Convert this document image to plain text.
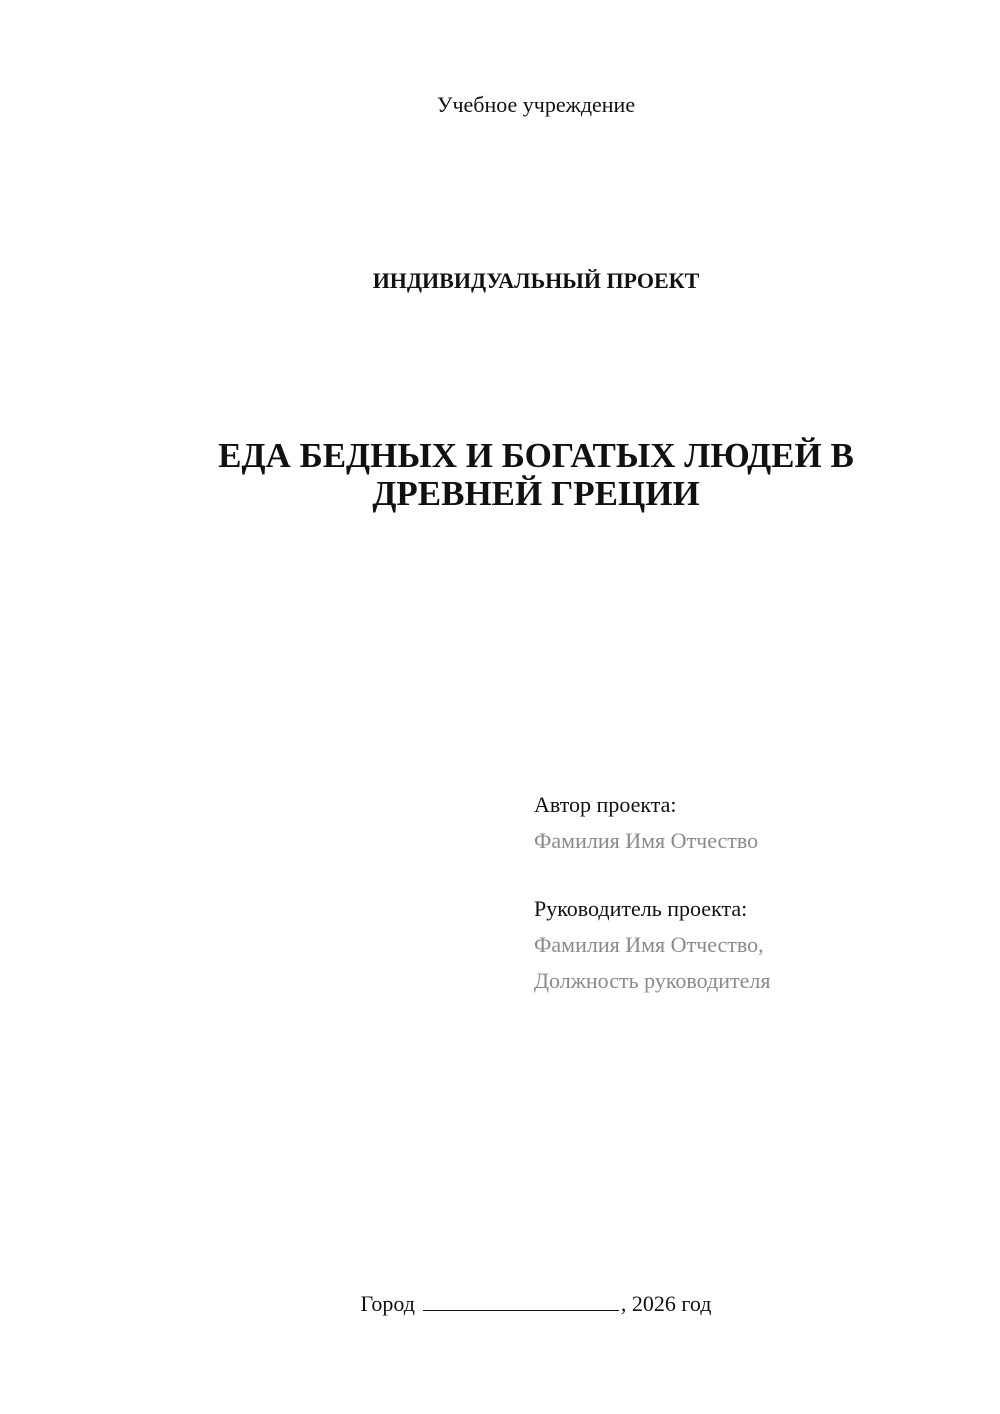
Учебное учреждение
ИНДИВИДУАЛЬНЫЙ ПРОЕКТ
ЕДА БЕДНЫХ И БОГАТЫХ ЛЮДЕЙ В
ДРЕВНЕЙ ГРЕЦИИ
Автор проекта:
Фамилия Имя Отчество
Руководитель проекта:
Фамилия Имя Отчество,
Должность руководителя
Город	, 2026 год
